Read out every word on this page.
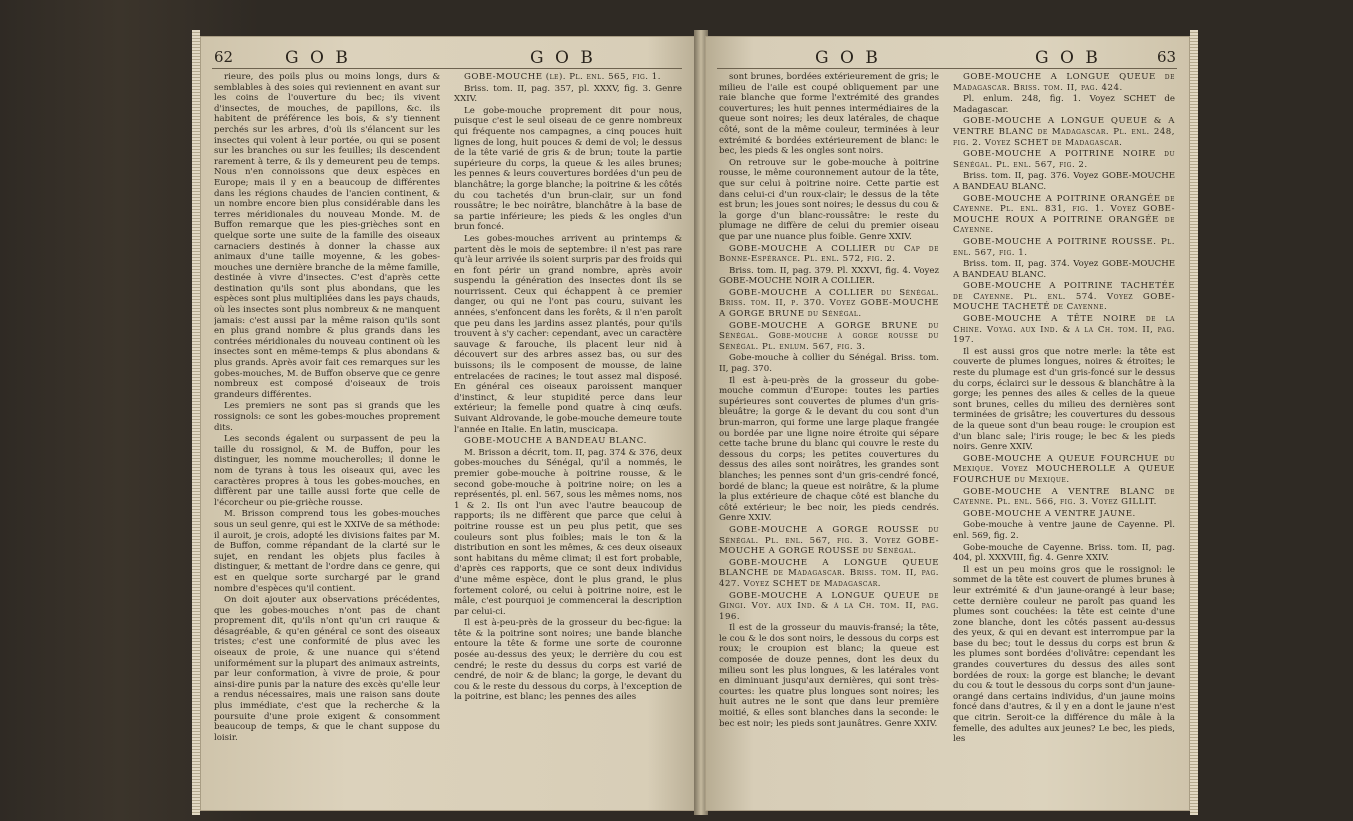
62	G O B	G O B

rieure, des poils plus ou moins longs, durs & semblables à des soies qui reviennent en avant sur les coins de l'ouverture du bec; ils vivent d'insectes, de mouches, de papillons, &c. ils habitent de préférence les bois, & s'y tiennent perchés sur les arbres, d'où ils s'élancent sur les insectes qui volent à leur portée, ou qui se posent sur les branches ou sur les feuilles; ils descendent rarement à terre, & ils y demeurent peu de temps. Nous n'en connoissons que deux espèces en Europe; mais il y en a beaucoup de différentes dans les régions chaudes de l'ancien continent, & un nombre encore bien plus considérable dans les terres méridionales du nouveau Monde. M. de Buffon remarque que les pies-grièches sont en quelque sorte une suite de la famille des oiseaux carnaciers destinés à donner la chasse aux animaux d'une taille moyenne, & les gobes-mouches une dernière branche de la même famille, destinée à vivre d'insectes. C'est d'après cette destination qu'ils sont plus abondans, que les espèces sont plus multipliées dans les pays chauds, où les insectes sont plus nombreux & ne manquent jamais: c'est aussi par la même raison qu'ils sont en plus grand nombre & plus grands dans les contrées méridionales du nouveau continent où les insectes sont en même-temps & plus abondans & plus grands. Après avoir fait ces remarques sur les gobes-mouches, M. de Buffon observe que ce genre nombreux est composé d'oiseaux de trois grandeurs différentes.

Les premiers ne sont pas si grands que les rossignols: ce sont les gobes-mouches proprement dits.

Les seconds égalent ou surpassent de peu la taille du rossignol, & M. de Buffon, pour les distinguer, les nomme moucherolles; il donne le nom de tyrans à tous les oiseaux qui, avec les caractères propres à tous les gobes-mouches, en diffèrent par une taille aussi forte que celle de l'écorcheur ou pie-grièche rousse.

M. Brisson comprend tous les gobes-mouches sous un seul genre, qui est le XXIVe de sa méthode: il auroit, je crois, adopté les divisions faites par M. de Buffon, comme répandant de la clarté sur le sujet, en rendant les objets plus faciles à distinguer, & mettant de l'ordre dans ce genre, qui est en quelque sorte surchargé par le grand nombre d'espèces qu'il contient.

On doit ajouter aux observations précédentes, que les gobes-mouches n'ont pas de chant proprement dit, qu'ils n'ont qu'un cri rauque & désagréable, & qu'en général ce sont des oiseaux tristes; c'est une conformité de plus avec les oiseaux de proie, & une nuance qui s'étend uniformément sur la plupart des animaux astreints, par leur conformation, à vivre de proie, & pour ainsi-dire punis par la nature des excès qu'elle leur a rendus nécessaires, mais une raison sans doute plus immédiate, c'est que la recherche & la poursuite d'une proie exigent & consomment beaucoup de temps, & que le chant suppose du loisir.

GOBE-MOUCHE (le). Pl. enl. 565, fig. 1.

Briss. tom. II, pag. 357, pl. XXXV, fig. 3. Genre XXIV.

Le gobe-mouche proprement dit pour nous, puisque c'est le seul oiseau de ce genre nombreux qui fréquente nos campagnes, a cinq pouces huit lignes de long, huit pouces & demi de vol; le dessus de la tête varié de gris & de brun; toute la partie supérieure du corps, la queue & les ailes brunes; les pennes & leurs couvertures bordées d'un peu de blanchâtre; la gorge blanche; la poitrine & les côtés du cou tachetés d'un brun-clair, sur un fond roussâtre; le bec noirâtre, blanchâtre à la base de sa partie inférieure; les pieds & les ongles d'un brun foncé.

Les gobes-mouches arrivent au printemps & partent dès le mois de septembre: il n'est pas rare qu'à leur arrivée ils soient surpris par des froids qui en font périr un grand nombre, après avoir suspendu la génération des insectes dont ils se nourrissent. Ceux qui échappent à ce premier danger, ou qui ne l'ont pas couru, suivant les années, s'enfoncent dans les forêts, & il n'en paroît que peu dans les jardins assez plantés, pour qu'ils trouvent à s'y cacher: cependant, avec un caractère sauvage & farouche, ils placent leur nid à découvert sur des arbres assez bas, ou sur des buissons; ils le composent de mousse, de laine entrelacées de racines; le tout assez mal disposé. En général ces oiseaux paroissent manquer d'instinct, & leur stupidité perce dans leur extérieur; la femelle pond quatre à cinq œufs. Suivant Aldrovande, le gobe-mouche demeure toute l'année en Italie. En latin, muscicapa.

GOBE-MOUCHE A BANDEAU BLANC.

M. Brisson a décrit, tom. II, pag. 374 & 376, deux gobes-mouches du Sénégal, qu'il a nommés, le premier gobe-mouche à poitrine rousse, & le second gobe-mouche à poitrine noire; on les a représentés, pl. enl. 567, sous les mêmes noms, nos 1 & 2. Ils ont l'un avec l'autre beaucoup de rapports; ils ne diffèrent que parce que celui à poitrine rousse est un peu plus petit, que ses couleurs sont plus foibles; mais le ton & la distribution en sont les mêmes, & ces deux oiseaux sont habitans du même climat; il est fort probable, d'après ces rapports, que ce sont deux individus d'une même espèce, dont le plus grand, le plus fortement coloré, ou celui à poitrine noire, est le mâle, c'est pourquoi je commencerai la description par celui-ci.

Il est à-peu-près de la grosseur du bec-figue: la tête & la poitrine sont noires; une bande blanche entoure la tête & forme une sorte de couronne posée au-dessus des yeux; le derrière du cou est cendré; le reste du dessus du corps est varié de cendré, de noir & de blanc; la gorge, le devant du cou & le reste du dessous du corps, à l'exception de la poitrine, est blanc; les pennes des ailes

G O B	G O B	63

sont brunes, bordées extérieurement de gris; le milieu de l'aile est coupé obliquement par une raie blanche que forme l'extrémité des grandes couvertures; les huit pennes intermédiaires de la queue sont noires; les deux latérales, de chaque côté, sont de la même couleur, terminées à leur extrémité & bordées extérieurement de blanc: le bec, les pieds & les ongles sont noirs.

On retrouve sur le gobe-mouche à poitrine rousse, le même couronnement autour de la tête, que sur celui à poitrine noire. Cette partie est dans celui-ci d'un roux-clair; le dessus de la tête est brun; les joues sont noires; le dessus du cou & la gorge d'un blanc-roussâtre: le reste du plumage ne diffère de celui du premier oiseau que par une nuance plus foible. Genre XXIV.

GOBE-MOUCHE A COLLIER du Cap de Bonne-Espérance. Pl. enl. 572, fig. 2.

Briss. tom. II, pag. 379. Pl. XXXVI, fig. 4. Voyez GOBE-MOUCHE NOIR A COLLIER.

GOBE-MOUCHE A COLLIER du Sénégal. Briss. tom. II, p. 370. Voyez GOBE-MOUCHE A GORGE BRUNE du Sénégal.

GOBE-MOUCHE A GORGE BRUNE du Sénégal. Gobe-mouche à gorge rousse du Sénégal. Pl. enlum. 567, fig. 3.

Gobe-mouche à collier du Sénégal. Briss. tom. II, pag. 370.

Il est à-peu-près de la grosseur du gobe-mouche commun d'Europe: toutes les parties supérieures sont couvertes de plumes d'un gris-bleuâtre; la gorge & le devant du cou sont d'un brun-marron, qui forme une large plaque frangée ou bordée par une ligne noire étroite qui sépare cette tache brune du blanc qui couvre le reste du dessous du corps; les petites couvertures du dessus des ailes sont noirâtres, les grandes sont blanches; les pennes sont d'un gris-cendré foncé, bordé de blanc; la queue est noirâtre, & la plume la plus extérieure de chaque côté est blanche du côté extérieur; le bec noir, les pieds cendrés. Genre XXIV.

GOBE-MOUCHE A GORGE ROUSSE du Sénégal. Pl. enl. 567, fig. 3. Voyez GOBE-MOUCHE A GORGE ROUSSE du Sénégal.

GOBE-MOUCHE A LONGUE QUEUE BLANCHE de Madagascar. Briss. tom. II, pag. 427. Voyez SCHET de Madagascar.

GOBE-MOUCHE A LONGUE QUEUE de Gingi. Voy. aux Ind. & à la Ch. tom. II, pag. 196.

Il est de la grosseur du mauvis-fransé; la tête, le cou & le dos sont noirs, le dessous du corps est roux; le croupion est blanc; la queue est composée de douze pennes, dont les deux du milieu sont les plus longues, & les latérales vont en diminuant jusqu'aux dernières, qui sont très-courtes: les quatre plus longues sont noires; les huit autres ne le sont que dans leur première moitié, & elles sont blanches dans la seconde: le bec est noir; les pieds sont jaunâtres. Genre XXIV.

GOBE-MOUCHE A LONGUE QUEUE de Madagascar. Briss. tom. II, pag. 424.

Pl. enlum. 248, fig. 1. Voyez SCHET de Madagascar.

GOBE-MOUCHE A LONGUE QUEUE & A VENTRE BLANC de Madagascar. Pl. enl. 248, fig. 2. Voyez SCHET de Madagascar.

GOBE-MOUCHE A POITRINE NOIRE du Sénégal. Pl. enl. 567, fig. 2.

Briss. tom. II, pag. 376. Voyez GOBE-MOUCHE A BANDEAU BLANC.

GOBE-MOUCHE A POITRINE ORANGÉE de Cayenne. Pl. enl. 831, fig. 1. Voyez GOBE-MOUCHE ROUX A POITRINE ORANGÉE de Cayenne.

GOBE-MOUCHE A POITRINE ROUSSE. Pl. enl. 567, fig. 1.

Briss. tom. II, pag. 374. Voyez GOBE-MOUCHE A BANDEAU BLANC.

GOBE-MOUCHE A POITRINE TACHETÉE de Cayenne. Pl. enl. 574. Voyez GOBE-MOUCHE TACHETÉ de Cayenne.

GOBE-MOUCHE A TÊTE NOIRE de la Chine. Voyag. aux Ind. & à la Ch. tom. II, pag. 197.

Il est aussi gros que notre merle: la tête est couverte de plumes longues, noires & étroites; le reste du plumage est d'un gris-foncé sur le dessus du corps, éclairci sur le dessous & blanchâtre à la gorge; les pennes des ailes & celles de la queue sont brunes, celles du milieu des dernières sont terminées de grisâtre; les couvertures du dessous de la queue sont d'un beau rouge: le croupion est d'un blanc sale; l'iris rouge; le bec & les pieds noirs. Genre XXIV.

GOBE-MOUCHE A QUEUE FOURCHUE du Mexique. Voyez MOUCHEROLLE A QUEUE FOURCHUE du Mexique.

GOBE-MOUCHE A VENTRE BLANC de Cayenne. Pl. enl. 566, fig. 3. Voyez GILLIT.

GOBE-MOUCHE A VENTRE JAUNE.

Gobe-mouche à ventre jaune de Cayenne. Pl. enl. 569, fig. 2.

Gobe-mouche de Cayenne. Briss. tom. II, pag. 404, pl. XXXVIII, fig. 4. Genre XXIV.

Il est un peu moins gros que le rossignol: le sommet de la tête est couvert de plumes brunes à leur extrémité & d'un jaune-orangé à leur base; cette dernière couleur ne paroît pas quand les plumes sont couchées: la tête est ceinte d'une zone blanche, dont les côtés passent au-dessus des yeux, & qui en devant est interrompue par la base du bec; tout le dessus du corps est brun & les plumes sont bordées d'olivâtre: cependant les grandes couvertures du dessus des ailes sont bordées de roux: la gorge est blanche; le devant du cou & tout le dessous du corps sont d'un jaune-orangé dans certains individus, d'un jaune moins foncé dans d'autres, & il y en a dont le jaune n'est que citrin. Seroit-ce la différence du mâle à la femelle, des adultes aux jeunes? Le bec, les pieds, les
